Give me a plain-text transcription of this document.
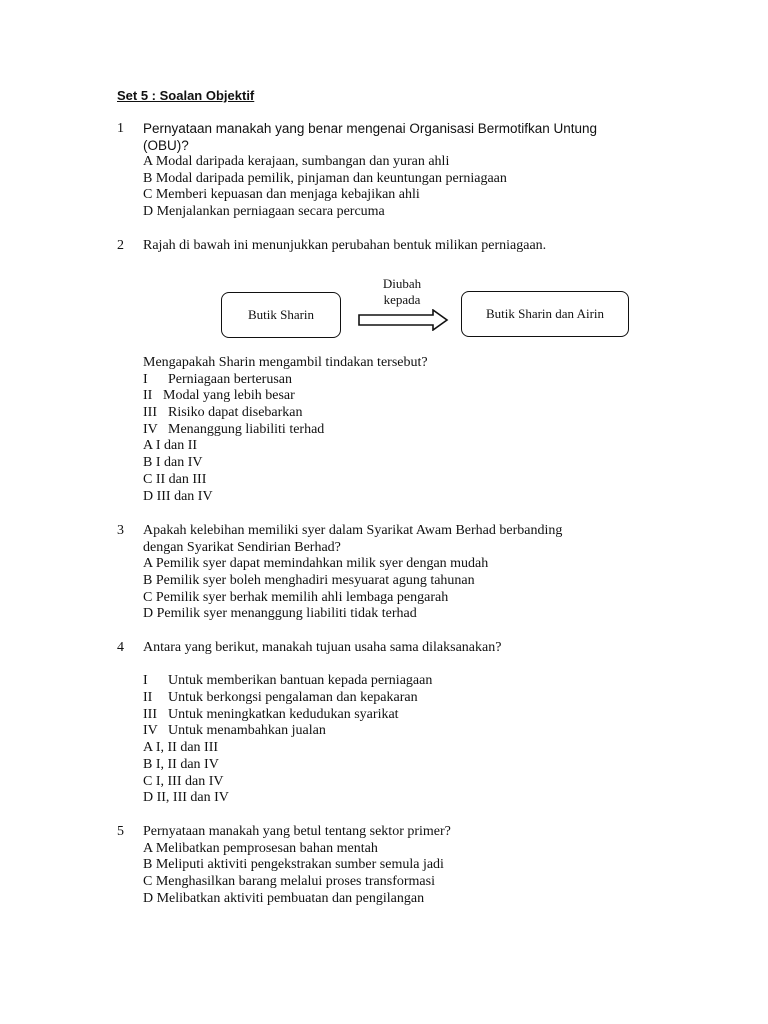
Set 5 : Soalan Objektif
1 Pernyataan manakah yang benar mengenai Organisasi Bermotifkan Untung
(OBU)?
A Modal daripada kerajaan, sumbangan dan yuran ahli
B Modal daripada pemilik, pinjaman dan keuntungan perniagaan
C Memberi kepuasan dan menjaga kebajikan ahli
D Menjalankan perniagaan secara percuma
2 Rajah di bawah ini menunjukkan perubahan bentuk milikan perniagaan.
Butik Sharin
Diubah
kepada
Butik Sharin dan Airin
Mengapakah Sharin mengambil tindakan tersebut?
I Perniagaan berterusan
II Modal yang lebih besar
III Risiko dapat disebarkan
IV Menanggung liabiliti terhad
A I dan II
B I dan IV
C II dan III
D III dan IV
3 Apakah kelebihan memiliki syer dalam Syarikat Awam Berhad berbanding
dengan Syarikat Sendirian Berhad?
A Pemilik syer dapat memindahkan milik syer dengan mudah
B Pemilik syer boleh menghadiri mesyuarat agung tahunan
C Pemilik syer berhak memilih ahli lembaga pengarah
D Pemilik syer menanggung liabiliti tidak terhad
4 Antara yang berikut, manakah tujuan usaha sama dilaksanakan?
I Untuk memberikan bantuan kepada perniagaan
II Untuk berkongsi pengalaman dan kepakaran
III Untuk meningkatkan kedudukan syarikat
IV Untuk menambahkan jualan
A I, II dan III
B I, II dan IV
C I, III dan IV
D II, III dan IV
5 Pernyataan manakah yang betul tentang sektor primer?
A Melibatkan pemprosesan bahan mentah
B Meliputi aktiviti pengekstrakan sumber semula jadi
C Menghasilkan barang melalui proses transformasi
D Melibatkan aktiviti pembuatan dan pengilangan
